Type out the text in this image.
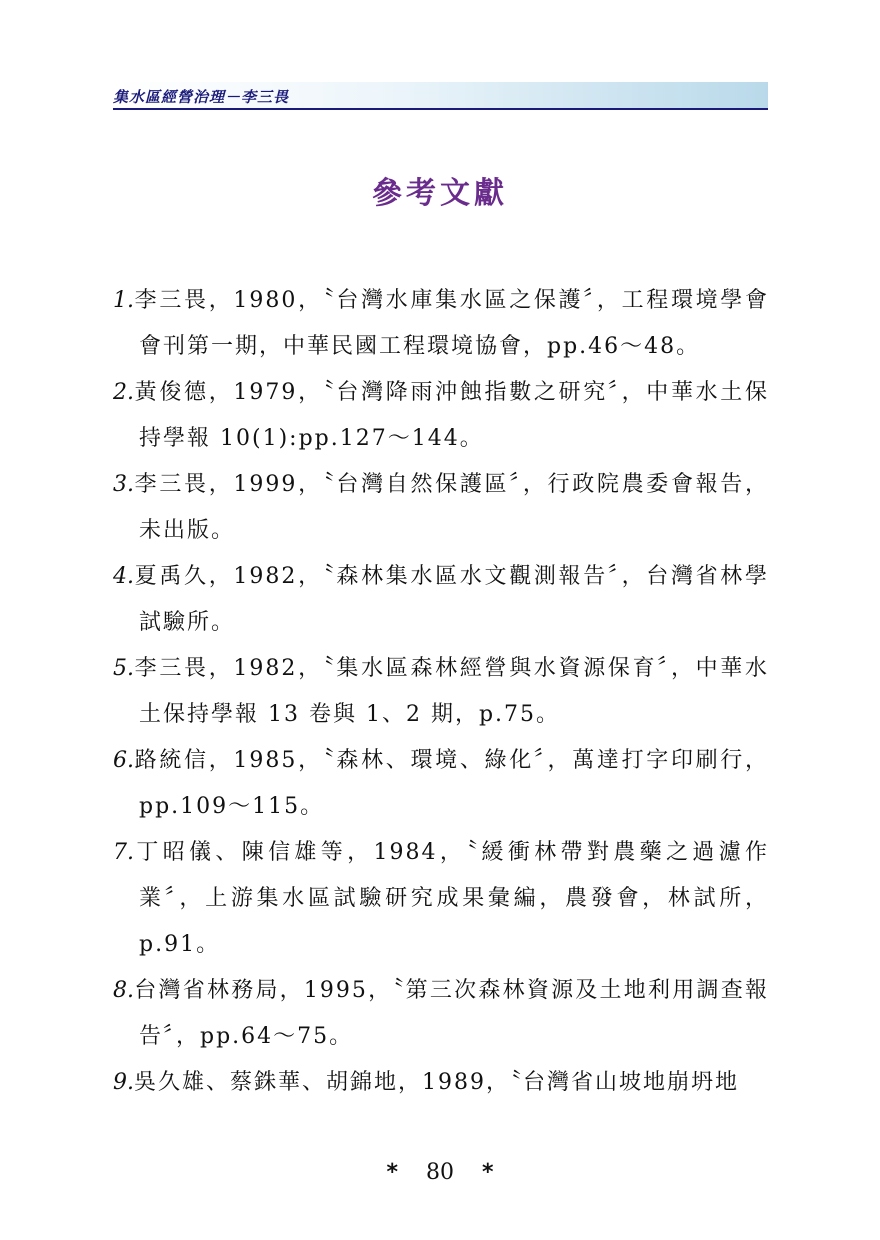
集水區經營治理－李三畏
參考文獻
1.李三畏，1980，〝台灣水庫集水區之保護〞，工程環境學會會刊第一期，中華民國工程環境協會，pp.46～48。
2.黃俊德，1979，〝台灣降雨沖蝕指數之研究〞，中華水土保持學報 10(1):pp.127～144。
3.李三畏，1999，〝台灣自然保護區〞，行政院農委會報告，未出版。
4.夏禹久，1982，〝森林集水區水文觀測報告〞，台灣省林學試驗所。
5.李三畏，1982，〝集水區森林經營與水資源保育〞，中華水土保持學報 13 卷與 1、2 期，p.75。
6.路統信，1985，〝森林、環境、綠化〞，萬達打字印刷行，pp.109～115。
7.丁昭儀、陳信雄等，1984，〝緩衝林帶對農藥之過濾作業〞，上游集水區試驗研究成果彙編，農發會，林試所，p.91。
8.台灣省林務局，1995，〝第三次森林資源及土地利用調查報告〞，pp.64～75。
9.吳久雄、蔡銖華、胡錦地，1989，〝台灣省山坡地崩坍地
* 80 *
